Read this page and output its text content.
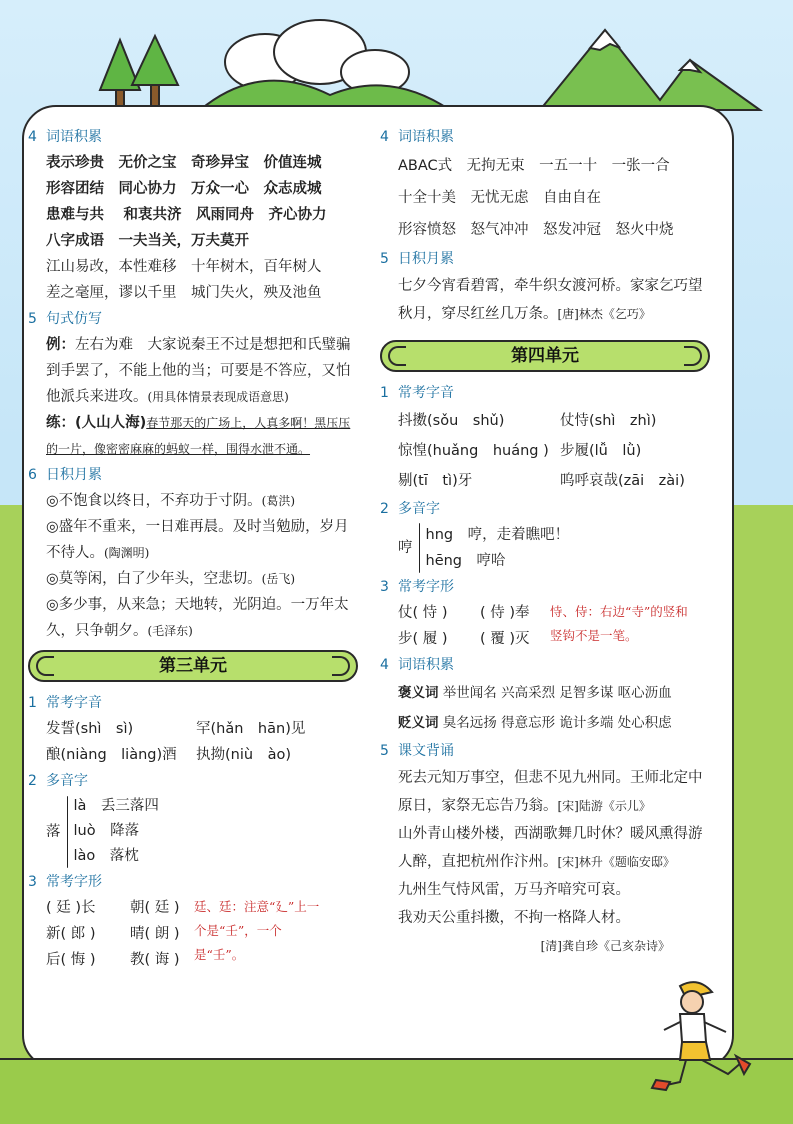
4 词语积累
表示珍贵　无价之宝　奇珍异宝　价值连城
形容团结　同心协力　万众一心　众志成城
患难与共　 和衷共济　风雨同舟　齐心协力
八字成语　一夫当关，万夫莫开
江山易改，本性难移　十年树木，百年树人
差之毫厘，谬以千里　城门失火，殃及池鱼
5 句式仿写
例：左右为难　大家说秦王不过是想把和氏璧骗到手罢了，不能上他的当；可要是不答应，又怕他派兵来进攻。(用具体情景表现成语意思)
练：(人山人海)春节那天的广场上，人真多啊！黑压压的一片，像密密麻麻的蚂蚁一样，围得水泄不通。
6 日积月累
◎不饱食以终日，不弃功于寸阴。(葛洪)
◎盛年不重来，一日难再晨。及时当勉励，岁月不待人。(陶渊明)
◎莫等闲，白了少年头，空悲切。(岳飞)
◎多少事，从来急；天地转，光阴迫。一万年太久，只争朝夕。(毛泽东)
第三单元
1 常考字音
发誓(shì　sì)	罕(hǎn　hān)见
酿(niàng　liàng)酒 执拗(niù　ào)
2 多音字
落
là　丢三落四
luò　降落
lào　落枕
3 常考字形
( 廷 )长 朝( 廷 )
新( 郎 ) 晴( 朗 )
后( 悔 ) 教( 诲 )
廷、廷：注意“廴”上一个是“壬”，一个是“壬”。
4 词语积累
ABAC式　无拘无束　一五一十　一张一合
十全十美　无忧无虑　自由自在
形容愤怒　怒气冲冲　怒发冲冠　怒火中烧
5 日积月累
七夕今宵看碧霄，牵牛织女渡河桥。家家乞巧望秋月，穿尽红丝几万条。[唐]林杰《乞巧》
第四单元
1 常考字音
抖擞(sǒu　shǔ)	仗恃(shì　zhì)
惊惶(huǎng　huáng ) 步履(lǚ　lǜ)
剔(tī　tì)牙	呜呼哀哉(zāi　zài)
2 多音字
哼
hng　哼，走着瞧吧！
hēng　哼哈
3 常考字形
仗( 恃 ) ( 侍 )奉
步( 履 ) ( 覆 )灭
恃、侍：右边“寺”的竖和竖钩不是一笔。
4 词语积累
褒义词 举世闻名 兴高采烈 足智多谋 呕心沥血
贬义词 臭名远扬 得意忘形 诡计多端 处心积虑
5 课文背诵
死去元知万事空，但悲不见九州同。王师北定中原日，家祭无忘告乃翁。[宋]陆游《示儿》
山外青山楼外楼，西湖歌舞几时休？暖风熏得游人醉，直把杭州作汴州。[宋]林升《题临安邸》
九州生气恃风雷，万马齐喑究可哀。
我劝天公重抖擞，不拘一格降人材。

[清]龚自珍《己亥杂诗》
